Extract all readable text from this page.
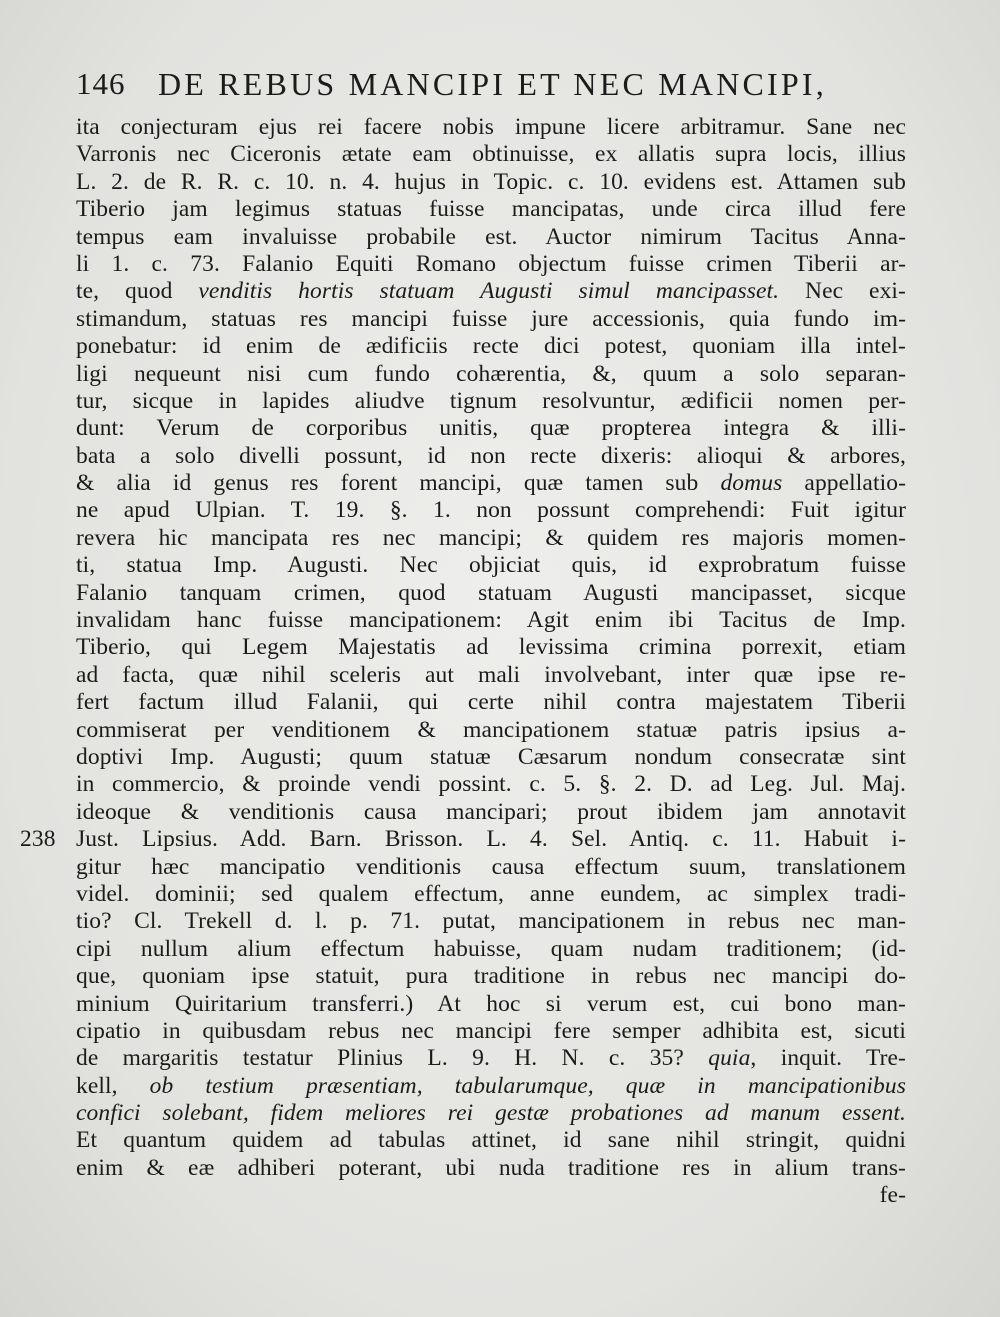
146 DE REBUS MANCIPI ET NEC MANCIPI,
ita conjecturam ejus rei facere nobis impune licere arbitramur. Sane nec
Varronis nec Ciceronis ætate eam obtinuisse, ex allatis supra locis, illius
L. 2. de R. R. c. 10. n. 4. hujus in Topic. c. 10. evidens est. Attamen sub
Tiberio jam legimus statuas fuisse mancipatas, unde circa illud fere
tempus eam invaluisse probabile est. Auctor nimirum Tacitus Anna-
li 1. c. 73. Falanio Equiti Romano objectum fuisse crimen Tiberii ar-
te, quod venditis hortis statuam Augusti simul mancipasset. Nec exi-
stimandum, statuas res mancipi fuisse jure accessionis, quia fundo im-
ponebatur: id enim de ædificiis recte dici potest, quoniam illa intel-
ligi nequeunt nisi cum fundo cohærentia, &, quum a solo separan-
tur, sicque in lapides aliudve tignum resolvuntur, ædificii nomen per-
dunt: Verum de corporibus unitis, quæ propterea integra & illi-
bata a solo divelli possunt, id non recte dixeris: alioqui & arbores,
& alia id genus res forent mancipi, quæ tamen sub domus appellatio-
ne apud Ulpian. T. 19. §. 1. non possunt comprehendi: Fuit igitur
revera hic mancipata res nec mancipi; & quidem res majoris momen-
ti, statua Imp. Augusti. Nec objiciat quis, id exprobratum fuisse
Falanio tanquam crimen, quod statuam Augusti mancipasset, sicque
invalidam hanc fuisse mancipationem: Agit enim ibi Tacitus de Imp.
Tiberio, qui Legem Majestatis ad levissima crimina porrexit, etiam
ad facta, quæ nihil sceleris aut mali involvebant, inter quæ ipse re-
fert factum illud Falanii, qui certe nihil contra majestatem Tiberii
commiserat per venditionem & mancipationem statuæ patris ipsius a-
doptivi Imp. Augusti; quum statuæ Cæsarum nondum consecratæ sint
in commercio, & proinde vendi possint. c. 5. §. 2. D. ad Leg. Jul. Maj.
ideoque & venditionis causa mancipari; prout ibidem jam annotavit
238 Just. Lipsius. Add. Barn. Brisson. L. 4. Sel. Antiq. c. 11. Habuit i-
gitur hæc mancipatio venditionis causa effectum suum, translationem
videl. dominii; sed qualem effectum, anne eundem, ac simplex tradi-
tio? Cl. Trekell d. l. p. 71. putat, mancipationem in rebus nec man-
cipi nullum alium effectum habuisse, quam nudam traditionem; (id-
que, quoniam ipse statuit, pura traditione in rebus nec mancipi do-
minium Quiritarium transferri.) At hoc si verum est, cui bono man-
cipatio in quibusdam rebus nec mancipi fere semper adhibita est, sicuti
de margaritis testatur Plinius L. 9. H. N. c. 35? quia, inquit. Tre-
kell, ob testium præsentiam, tabularumque, quæ in mancipationibus
confici solebant, fidem meliores rei gestæ probationes ad manum essent.
Et quantum quidem ad tabulas attinet, id sane nihil stringit, quidni
enim & eæ adhiberi poterant, ubi nuda traditione res in alium trans-
fe-
